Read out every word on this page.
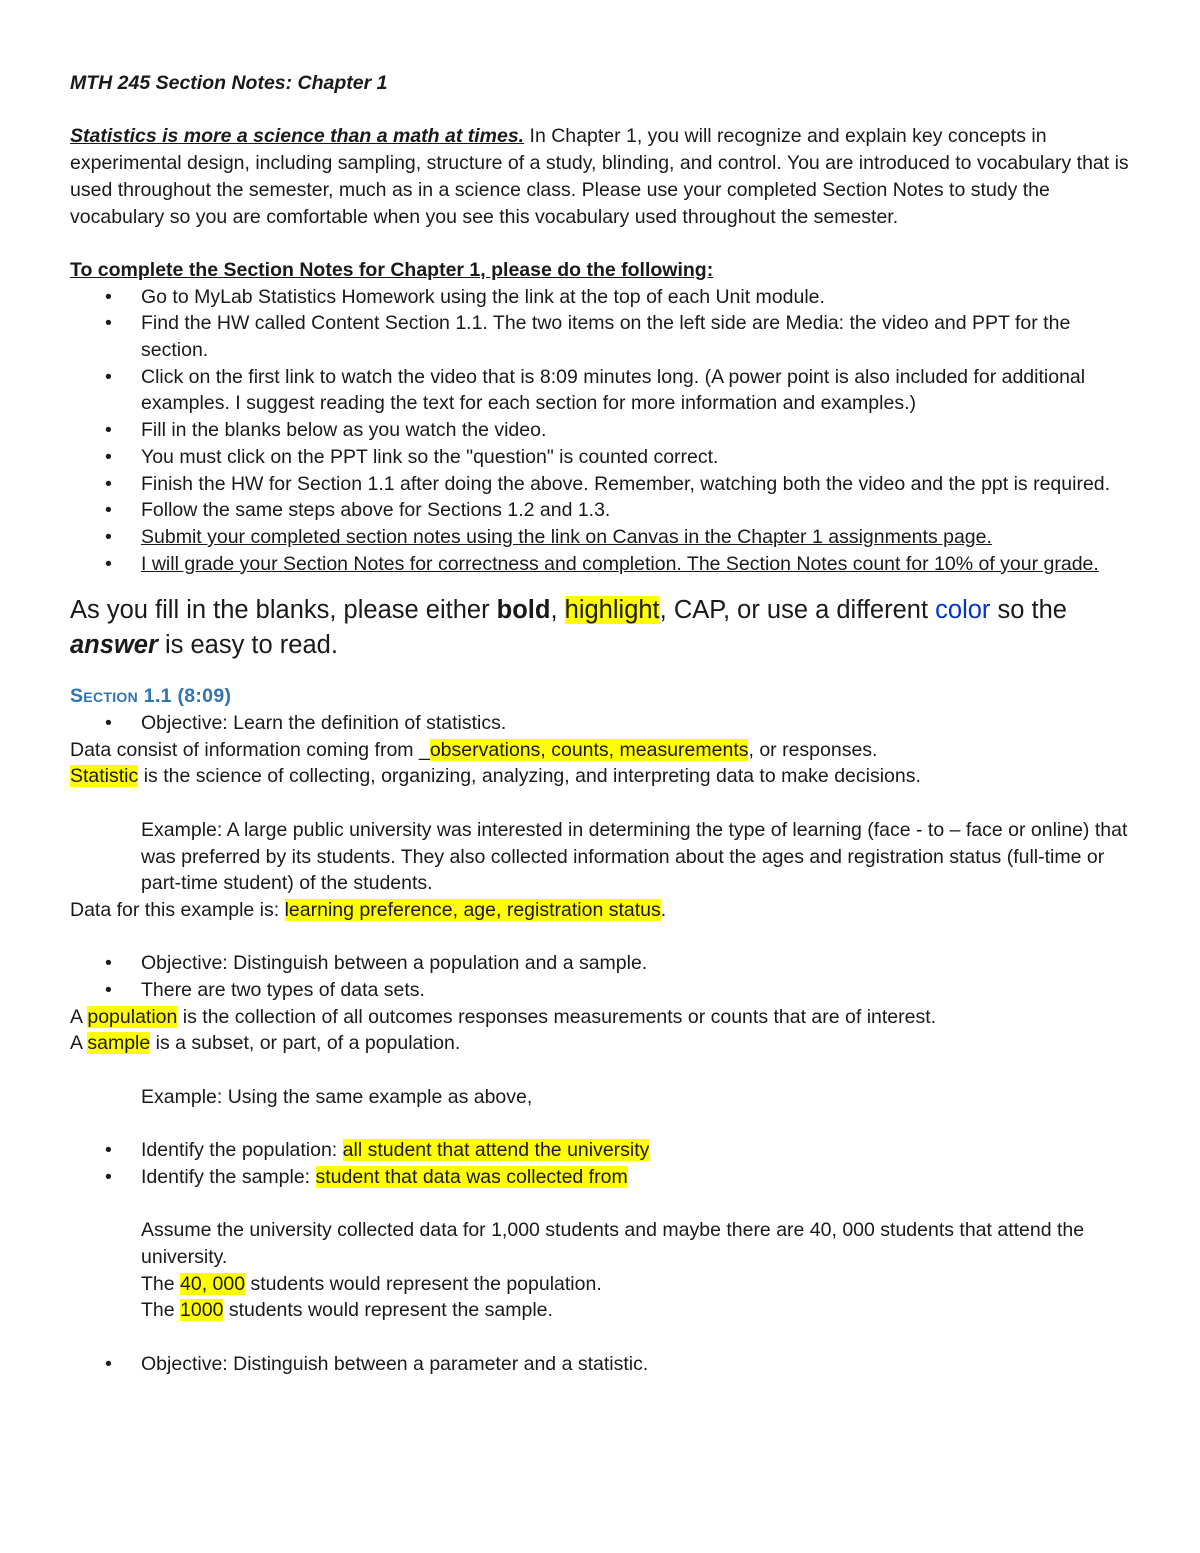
MTH 245 Section Notes: Chapter 1

Statistics is more a science than a math at times. In Chapter 1, you will recognize and explain key concepts in experimental design, including sampling, structure of a study, blinding, and control. You are introduced to vocabulary that is used throughout the semester, much as in a science class. Please use your completed Section Notes to study the vocabulary so you are comfortable when you see this vocabulary used throughout the semester.

To complete the Section Notes for Chapter 1, please do the following:

• Go to MyLab Statistics Homework using the link at the top of each Unit module.
• Find the HW called Content Section 1.1. The two items on the left side are Media: the video and PPT for the section.
• Click on the first link to watch the video that is 8:09 minutes long. (A power point is also included for additional examples. I suggest reading the text for each section for more information and examples.)
• Fill in the blanks below as you watch the video.
• You must click on the PPT link so the "question" is counted correct.
• Finish the HW for Section 1.1 after doing the above. Remember, watching both the video and the ppt is required.
• Follow the same steps above for Sections 1.2 and 1.3.
• Submit your completed section notes using the link on Canvas in the Chapter 1 assignments page.
• I will grade your Section Notes for correctness and completion. The Section Notes count for 10% of your grade.

As you fill in the blanks, please either bold, highlight, CAP, or use a different color so the answer is easy to read.

Section 1.1 (8:09)

• Objective: Learn the definition of statistics.

Data consist of information coming from _observations, counts, measurements, or responses.

Statistic is the science of collecting, organizing, analyzing, and interpreting data to make decisions.

Example: A large public university was interested in determining the type of learning (face - to – face or online) that was preferred by its students. They also collected information about the ages and registration status (full-time or part-time student) of the students.

Data for this example is: learning preference, age, registration status.

• Objective: Distinguish between a population and a sample.
• There are two types of data sets.

A population is the collection of all outcomes responses measurements or counts that are of interest.

A sample is a subset, or part, of a population.

Example: Using the same example as above,

• Identify the population: all student that attend the university
• Identify the sample: student that data was collected from

Assume the university collected data for 1,000 students and maybe there are 40, 000 students that attend the university.

The 40, 000 students would represent the population.

The 1000 students would represent the sample.

• Objective: Distinguish between a parameter and a statistic.
